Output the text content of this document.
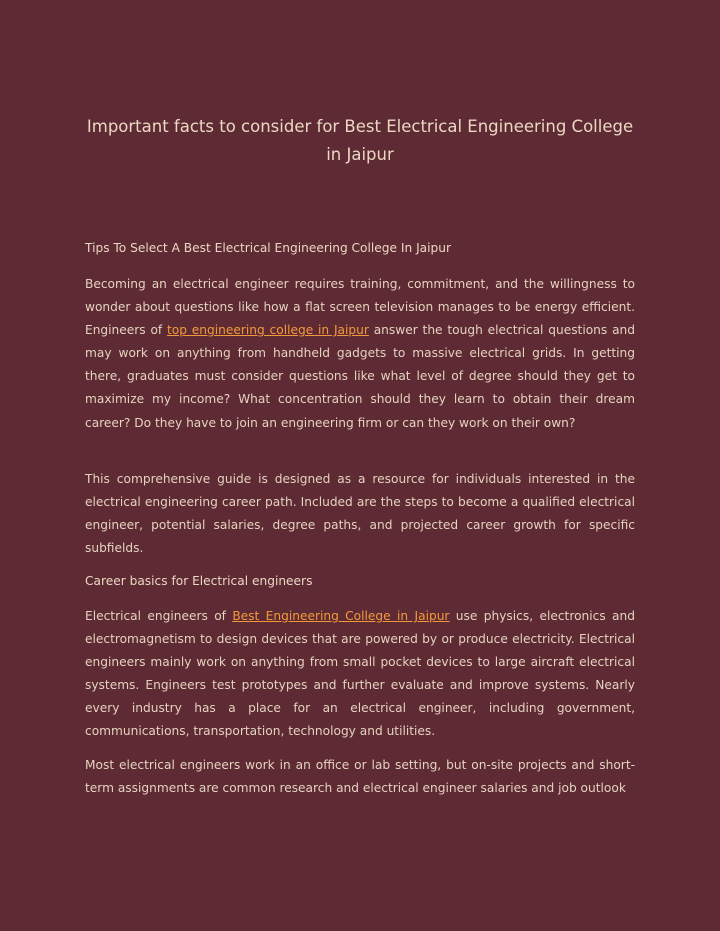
Important facts to consider for Best Electrical Engineering College in Jaipur
Tips To Select A Best Electrical Engineering College In Jaipur

Becoming an electrical engineer requires training, commitment, and the willingness to wonder about questions like how a flat screen television manages to be energy efficient. Engineers of top engineering college in Jaipur answer the tough electrical questions and may work on anything from handheld gadgets to massive electrical grids. In getting there, graduates must consider questions like what level of degree should they get to maximize my income? What concentration should they learn to obtain their dream career? Do they have to join an engineering firm or can they work on their own?

This comprehensive guide is designed as a resource for individuals interested in the electrical engineering career path. Included are the steps to become a qualified electrical engineer, potential salaries, degree paths, and projected career growth for specific subfields.

Career basics for Electrical engineers

Electrical engineers of Best Engineering College in Jaipur use physics, electronics and electromagnetism to design devices that are powered by or produce electricity. Electrical engineers mainly work on anything from small pocket devices to large aircraft electrical systems. Engineers test prototypes and further evaluate and improve systems. Nearly every industry has a place for an electrical engineer, including government, communications, transportation, technology and utilities.

Most electrical engineers work in an office or lab setting, but on-site projects and short-term assignments are common research and electrical engineer salaries and job outlook
